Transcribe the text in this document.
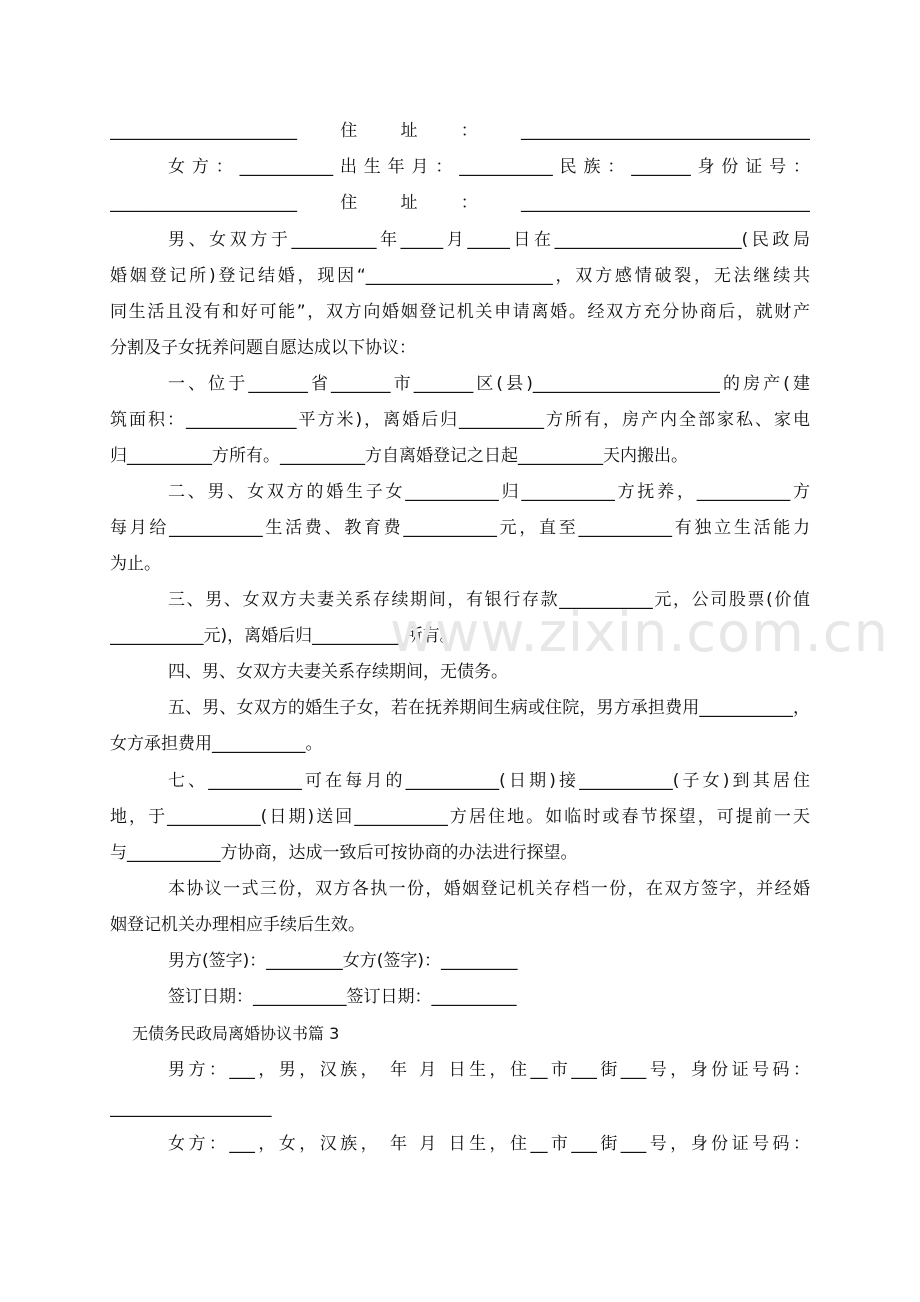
______________________住址：__________________________________

女方：___________出生年月：___________民族：_______身份证号：

______________________住址：__________________________________

男、女双方于__________年_____月_____日在______________________(民政局

婚姻登记所)登记结婚，现因“______________________，双方感情破裂，无法继续共

同生活且没有和好可能”，双方向婚姻登记机关申请离婚。经双方充分协商后，就财产

分割及子女抚养问题自愿达成以下协议：

一、位于_______省_______市_______区(县)______________________的房产(建

筑面积：_____________平方米)，离婚后归__________方所有，房产内全部家私、家电

归__________方所有。__________方自离婚登记之日起__________天内搬出。

二、男、女双方的婚生子女___________归___________方抚养，___________方

每月给___________生活费、教育费___________元，直至___________有独立生活能力

为止。

三、男、女双方夫妻关系存续期间，有银行存款___________元，公司股票(价值

___________元)，离婚后归___________所有。

四、男、女双方夫妻关系存续期间，无债务。

五、男、女双方的婚生子女，若在抚养期间生病或住院，男方承担费用___________，

女方承担费用___________。

七、___________可在每月的___________(日期)接___________(子女)到其居住

地，于___________(日期)送回___________方居住地。如临时或春节探望，可提前一天

与___________方协商，达成一致后可按协商的办法进行探望。

本协议一式三份，双方各执一份，婚姻登记机关存档一份，在双方签字，并经婚

姻登记机关办理相应手续后生效。

男方(签字)：_________女方(签字)：_________

签订日期：___________签订日期：__________

无债务民政局离婚协议书篇 3

男方：___，男，汉族， 年 月 日生，住__市___街___号，身份证号码：

___________________

女方：___，女，汉族， 年 月 日生，住__市___街___号，身份证号码：

www.zixin.com.cn
